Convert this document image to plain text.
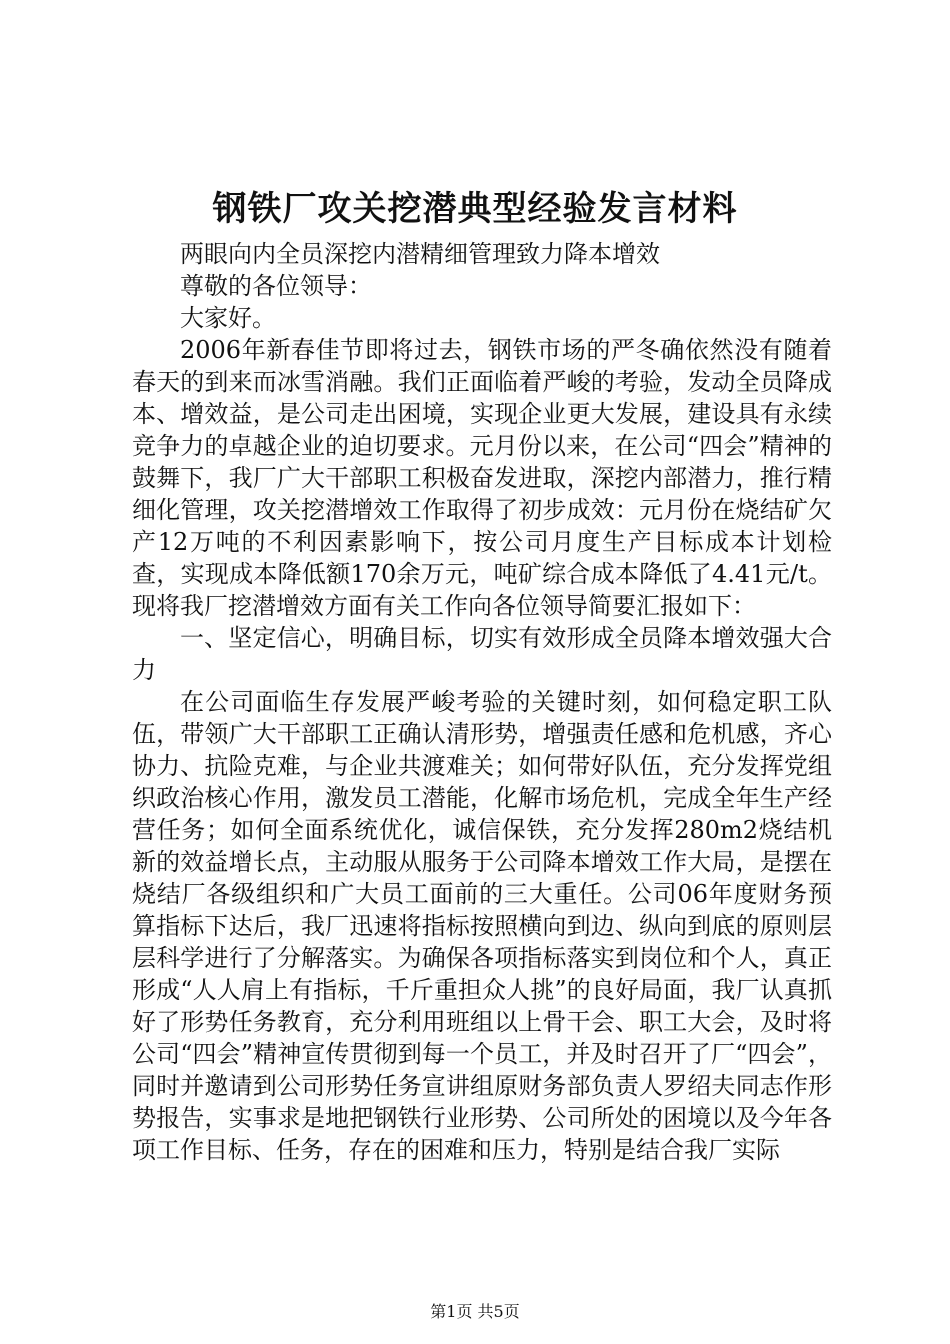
钢铁厂攻关挖潜典型经验发言材料

两眼向内全员深挖内潜精细管理致力降本增效

尊敬的各位领导：

大家好。

2006年新春佳节即将过去，钢铁市场的严冬确依然没有随着春天的到来而冰雪消融。我们正面临着严峻的考验，发动全员降成本、增效益，是公司走出困境，实现企业更大发展，建设具有永续竞争力的卓越企业的迫切要求。元月份以来，在公司“四会”精神的鼓舞下，我厂广大干部职工积极奋发进取，深挖内部潜力，推行精细化管理，攻关挖潜增效工作取得了初步成效：元月份在烧结矿欠产12万吨的不利因素影响下，按公司月度生产目标成本计划检查，实现成本降低额170余万元，吨矿综合成本降低了4.41元/t。现将我厂挖潜增效方面有关工作向各位领导简要汇报如下：

一、坚定信心，明确目标，切实有效形成全员降本增效强大合力

在公司面临生存发展严峻考验的关键时刻，如何稳定职工队伍，带领广大干部职工正确认清形势，增强责任感和危机感，齐心协力、抗险克难，与企业共渡难关；如何带好队伍，充分发挥党组织政治核心作用，激发员工潜能，化解市场危机，完成全年生产经营任务；如何全面系统优化，诚信保铁，充分发挥280m2烧结机新的效益增长点，主动服从服务于公司降本增效工作大局，是摆在烧结厂各级组织和广大员工面前的三大重任。公司06年度财务预算指标下达后，我厂迅速将指标按照横向到边、纵向到底的原则层层科学进行了分解落实。为确保各项指标落实到岗位和个人，真正形成“人人肩上有指标，千斤重担众人挑”的良好局面，我厂认真抓好了形势任务教育，充分利用班组以上骨干会、职工大会，及时将公司“四会”精神宣传贯彻到每一个员工，并及时召开了厂“四会”，同时并邀请到公司形势任务宣讲组原财务部负责人罗绍夫同志作形势报告，实事求是地把钢铁行业形势、公司所处的困境以及今年各项工作目标、任务，存在的困难和压力，特别是结合我厂实际

第1页 共5页
